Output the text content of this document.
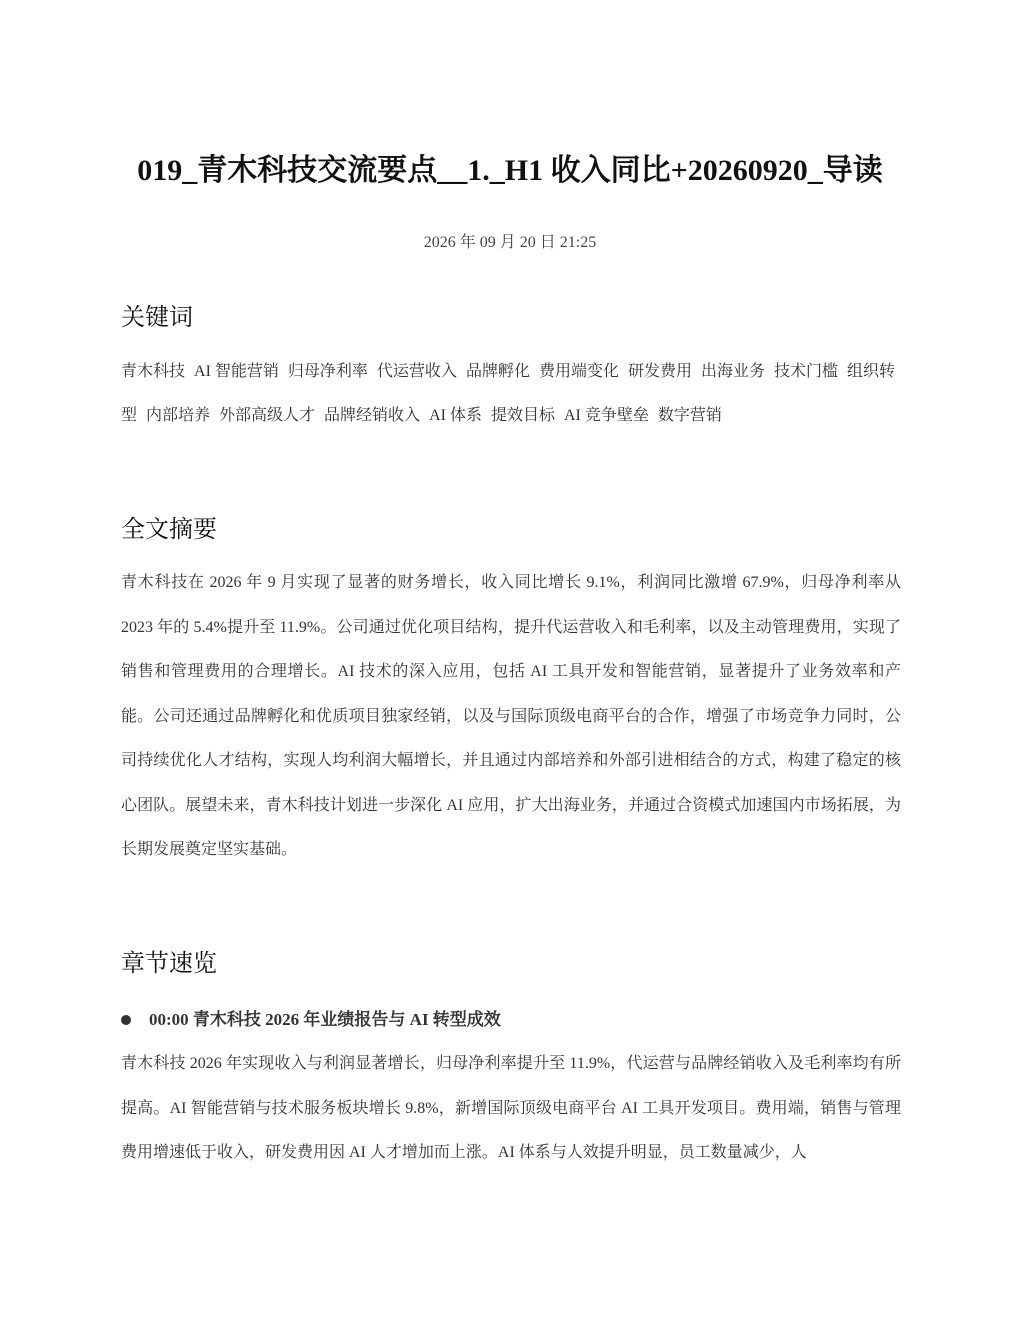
019_青木科技交流要点__1._H1 收入同比+20260920_导读
2026 年 09 月 20 日 21:25
关键词
青木科技 AI 智能营销 归母净利率 代运营收入 品牌孵化 费用端变化 研发费用 出海业务 技术门槛 组织转型 内部培养 外部高级人才 品牌经销收入 AI 体系 提效目标 AI 竞争壁垒 数字营销
全文摘要

青木科技在 2026 年 9 月实现了显著的财务增长，收入同比增长 9.1%，利润同比激增 67.9%，归母净利率从 2023 年的 5.4%提升至 11.9%。公司通过优化项目结构，提升代运营收入和毛利率，以及主动管理费用，实现了销售和管理费用的合理增长。AI 技术的深入应用，包括 AI 工具开发和智能营销，显著提升了业务效率和产能。公司还通过品牌孵化和优质项目独家经销，以及与国际顶级电商平台的合作，增强了市场竞争力同时，公司持续优化人才结构，实现人均利润大幅增长，并且通过内部培养和外部引进相结合的方式，构建了稳定的核心团队。展望未来，青木科技计划进一步深化 AI 应用，扩大出海业务，并通过合资模式加速国内市场拓展，为长期发展奠定坚实基础。

章节速览
00:00 青木科技 2026 年业绩报告与 AI 转型成效

青木科技 2026 年实现收入与利润显著增长，归母净利率提升至 11.9%，代运营与品牌经销收入及毛利率均有所提高。AI 智能营销与技术服务板块增长 9.8%，新增国际顶级电商平台 AI 工具开发项目。费用端，销售与管理费用增速低于收入，研发费用因 AI 人才增加而上涨。AI 体系与人效提升明显，员工数量减少，人
